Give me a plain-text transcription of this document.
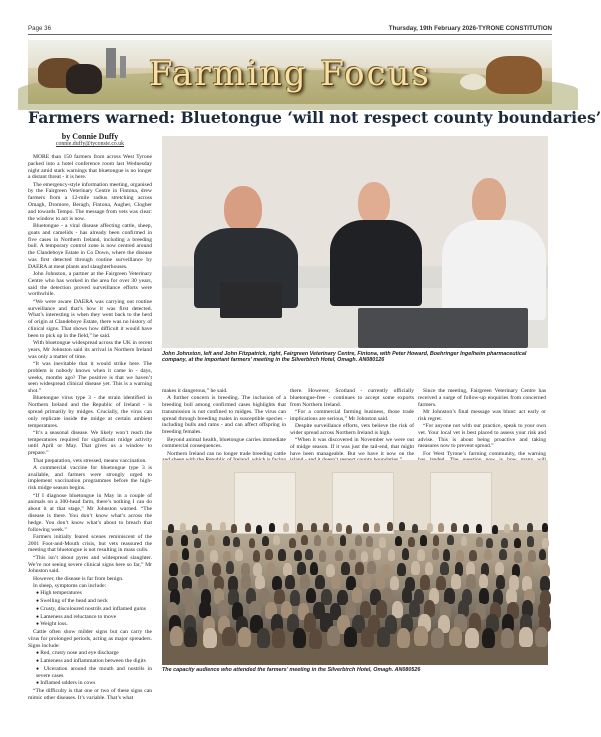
Page 36	Thursday, 19th February 2026-TYRONE CONSTITUTION
Farming Focus
Farmers warned: Bluetongue ‘will not respect county boundaries’
by Connie Duffy
connie.duffy@tyconsie.co.uk

MORE than 150 farmers from across West Tyrone packed into a hotel conference room last Wednesday night amid stark warnings that bluetongue is no longer a distant threat - it is here.

The emergency-style information meeting, organised by the Fairgreen Veterinary Centre in Fintona, drew farmers from a 12-mile radius stretching across Omagh, Dromore, Beragh, Fintona, Augher, Clogher and towards Tempo. The message from vets was clear: the window to act is now.

Bluetongue - a viral disease affecting cattle, sheep, goats and camelids - has already been confirmed in five cases in Northern Ireland, including a breeding bull. A temporary control zone is now centred around the Clandeboye Estate in Co Down, where the disease was first detected through routine surveillance by DAERA at meat plants and slaughterhouses.

John Johnston, a partner at the Fairgreen Veterinary Centre who has worked in the area for over 30 years, said the detection proved surveillance efforts were worthwhile.

“We were aware DAERA was carrying out routine surveillance and that’s how it was first detected. What’s interesting is when they went back to the herd of origin at Clandeboye Estate, there was no history of clinical signs. That shows how difficult it would have been to pick up in the field,” he said.

With bluetongue widespread across the UK in recent years, Mr Johnston said its arrival in Northern Ireland was only a matter of time.

“It was inevitable that it would strike here. The problem is nobody knows when it came in - days, weeks, months ago? The positive is that we haven’t seen widespread clinical disease yet. This is a warning shot.”

Bluetongue virus type 3 - the strain identified in Northern Ireland and the Republic of Ireland - is spread primarily by midges. Crucially, the virus can only replicate inside the midge at certain ambient temperatures.

“It’s a seasonal disease. We likely won’t reach the temperatures required for significant midge activity until April or May. That gives us a window to prepare.”

That preparation, vets stressed, means vaccination.

A commercial vaccine for bluetongue type 3 is available, and farmers were strongly urged to implement vaccination programmes before the high-risk midge season begins.

“If I diagnose bluetongue in May in a couple of animals on a 300-head farm, there’s nothing I can do about it at that stage,” Mr Johnston warned. “The disease is there. You don’t know what’s across the hedge. You don’t know what’s about to breach that following week.”

Farmers initially feared scenes reminiscent of the 2001 Foot-and-Mouth crisis, but vets reassured the meeting that bluetongue is not resulting in mass culls.

“This isn’t about pyres and widespread slaughter. We’re not seeing severe clinical signs here so far,” Mr Johnston said.

However, the disease is far from benign.

In sheep, symptoms can include:

● High temperatures
● Swelling of the head and neck
● Crusty, discoloured nostrils and inflamed gums
● Lameness and reluctance to move
● Weight loss.

Cattle often show milder signs but can carry the virus for prolonged periods, acting as major spreaders. Signs include:

● Red, crusty nose and eye discharge
● Lameness and inflammation between the digits
● Ulceration around the mouth and nostrils in severe cases
● Inflamed udders in cows

“The difficulty is that one or two of these signs can mimic other diseases. It’s variable. That’s what

John Johnston, left and John Fitzpatrick, right, Fairgreen Veterinary Centre, Fintona, with Peter Howard, Boehringer Ingelheim pharmaceutical company, at the important farmers’ meeting in the Silverbirch Hotel, Omagh. AN080126

makes it dangerous,” he said.

A further concern is breeding. The inclusion of a breeding bull among confirmed cases highlights that transmission is not confined to midges. The virus can spread through breeding males in susceptible species - including bulls and rams - and can affect offspring in breeding females.

Beyond animal health, bluetongue carries immediate commercial consequences.

Northern Ireland can no longer trade breeding cattle

there. However, Scotland - currently officially bluetongue-free - continues to accept some exports from Northern Ireland.

“For a commercial farming business, those trade implications are serious,” Mr Johnston said.

Despite surveillance efforts, vets believe the risk of wider spread across Northern Ireland is high.

“When it was discovered in November we were out of midge season. If it was just the tail-end, that might have been manageable. But we have it now on the

Since the meeting, Fairgreen Veterinary Centre has received a surge of follow-up enquiries from concerned farmers.

Mr Johnston’s final message was blunt: act early or risk regret.

“For anyone not with our practice, speak to your own vet. Your local vet is best placed to assess your risk and advise. This is about being proactive and taking measures now to prevent spread.”

For West Tyrone’s farming community, the warning

The capacity audience who attended the farmers’ meeting in the Silverbirch Hotel, Omagh. AN080526
